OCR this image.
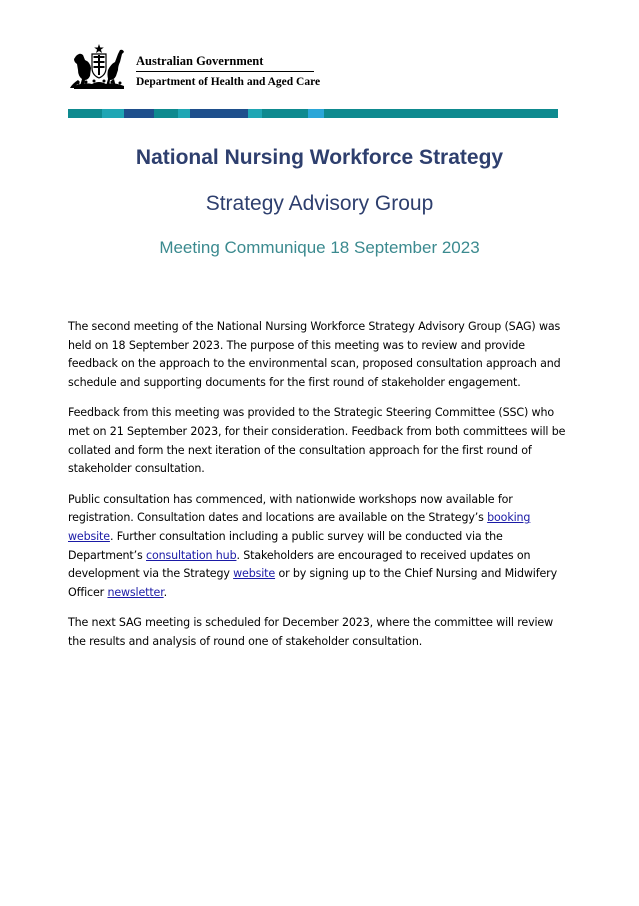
Australian Government
Department of Health and Aged Care
National Nursing Workforce Strategy
Strategy Advisory Group
Meeting Communique 18 September 2023

The second meeting of the National Nursing Workforce Strategy Advisory Group (SAG) was held on 18 September 2023. The purpose of this meeting was to review and provide feedback on the approach to the environmental scan, proposed consultation approach and schedule and supporting documents for the first round of stakeholder engagement.

Feedback from this meeting was provided to the Strategic Steering Committee (SSC) who met on 21 September 2023, for their consideration. Feedback from both committees will be collated and form the next iteration of the consultation approach for the first round of stakeholder consultation.

Public consultation has commenced, with nationwide workshops now available for registration. Consultation dates and locations are available on the Strategy’s booking website. Further consultation including a public survey will be conducted via the Department’s consultation hub. Stakeholders are encouraged to received updates on development via the Strategy website or by signing up to the Chief Nursing and Midwifery Officer newsletter.

The next SAG meeting is scheduled for December 2023, where the committee will review the results and analysis of round one of stakeholder consultation.
